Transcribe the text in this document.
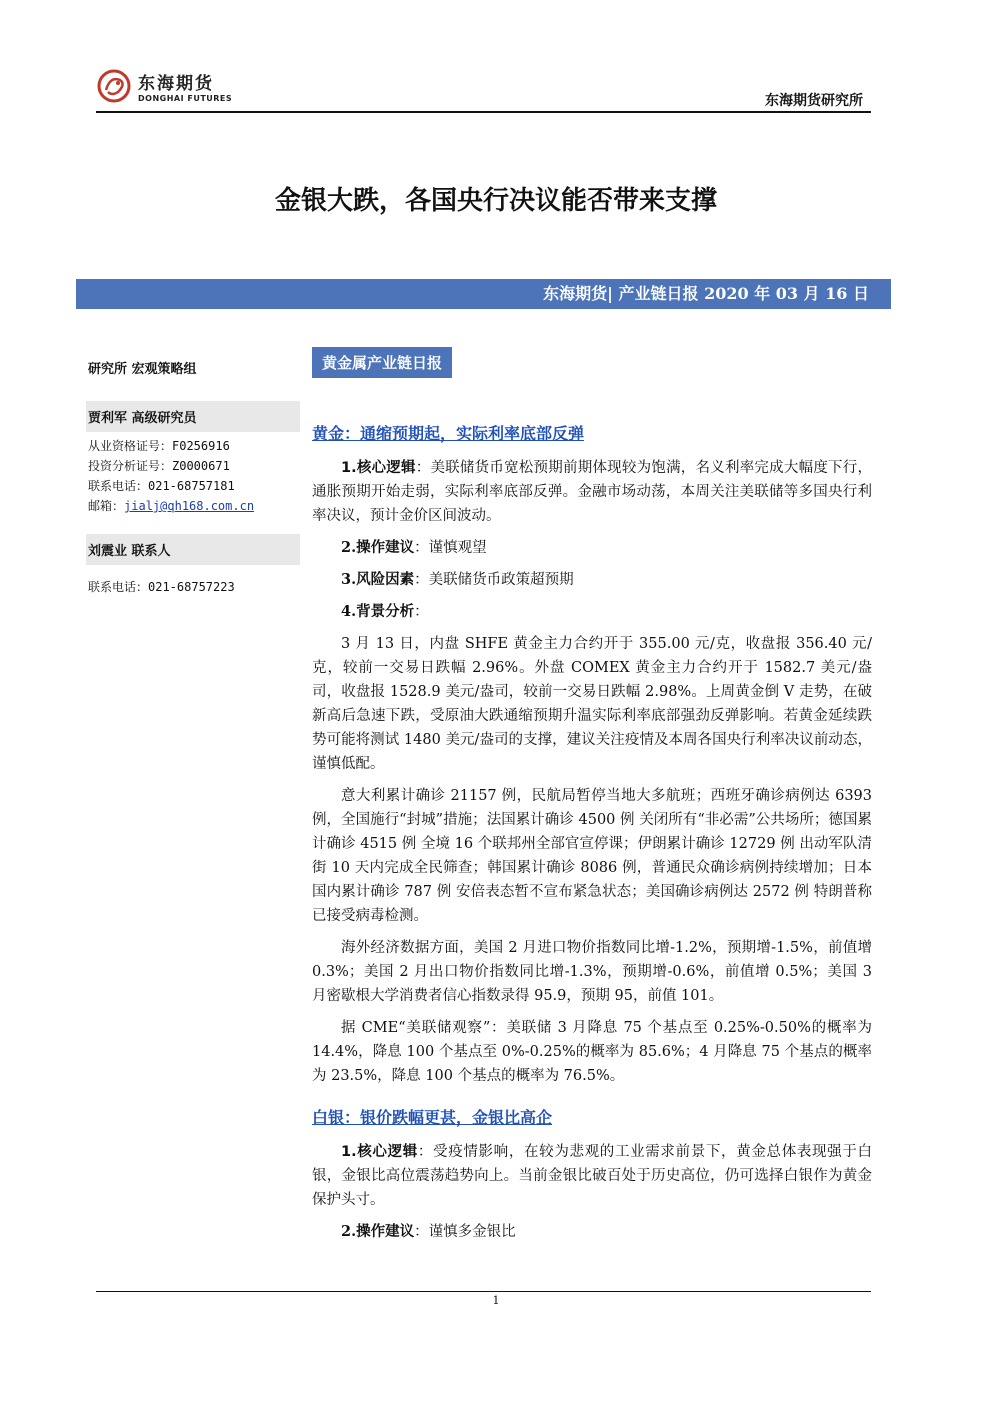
东海期货
DONGHAI FUTURES	东海期货研究所
金银大跌，各国央行决议能否带来支撑
东海期货| 产业链日报 2020 年 03 月 16 日
研究所 宏观策略组
贾利军 高级研究员
从业资格证号：F0256916
投资分析证号：Z0000671
联系电话：021-68757181
邮箱：jialj@qh168.com.cn
刘震业 联系人
联系电话：021-68757223
黄金属产业链日报
黄金：通缩预期起，实际利率底部反弹

1.核心逻辑：美联储货币宽松预期前期体现较为饱满，名义利率完成大幅度下行，通胀预期开始走弱，实际利率底部反弹。金融市场动荡，本周关注美联储等多国央行利率决议，预计金价区间波动。

2.操作建议：谨慎观望

3.风险因素：美联储货币政策超预期

4.背景分析：

3 月 13 日，内盘 SHFE 黄金主力合约开于 355.00 元/克，收盘报 356.40 元/克，较前一交易日跌幅 2.96%。外盘 COMEX 黄金主力合约开于 1582.7 美元/盎司，收盘报 1528.9 美元/盎司，较前一交易日跌幅 2.98%。上周黄金倒 V 走势，在破新高后急速下跌，受原油大跌通缩预期升温实际利率底部强劲反弹影响。若黄金延续跌势可能将测试 1480 美元/盎司的支撑，建议关注疫情及本周各国央行利率决议前动态，谨慎低配。

意大利累计确诊 21157 例，民航局暂停当地大多航班；西班牙确诊病例达 6393 例，全国施行“封城”措施；法国累计确诊 4500 例 关闭所有“非必需”公共场所；德国累计确诊 4515 例 全境 16 个联邦州全部官宣停课；伊朗累计确诊 12729 例 出动军队清街 10 天内完成全民筛查；韩国累计确诊 8086 例，普通民众确诊病例持续增加；日本国内累计确诊 787 例 安倍表态暂不宣布紧急状态；美国确诊病例达 2572 例 特朗普称已接受病毒检测。

海外经济数据方面，美国 2 月进口物价指数同比增-1.2%，预期增-1.5%，前值增 0.3%；美国 2 月出口物价指数同比增-1.3%，预期增-0.6%，前值增 0.5%；美国 3 月密歇根大学消费者信心指数录得 95.9，预期 95，前值 101。

据 CME“美联储观察”：美联储 3 月降息 75 个基点至 0.25%-0.50%的概率为 14.4%，降息 100 个基点至 0%-0.25%的概率为 85.6%；4 月降息 75 个基点的概率为 23.5%，降息 100 个基点的概率为 76.5%。

白银：银价跌幅更甚，金银比高企

1.核心逻辑：受疫情影响，在较为悲观的工业需求前景下，黄金总体表现强于白银，金银比高位震荡趋势向上。当前金银比破百处于历史高位，仍可选择白银作为黄金保护头寸。

2.操作建议：谨慎多金银比

1
